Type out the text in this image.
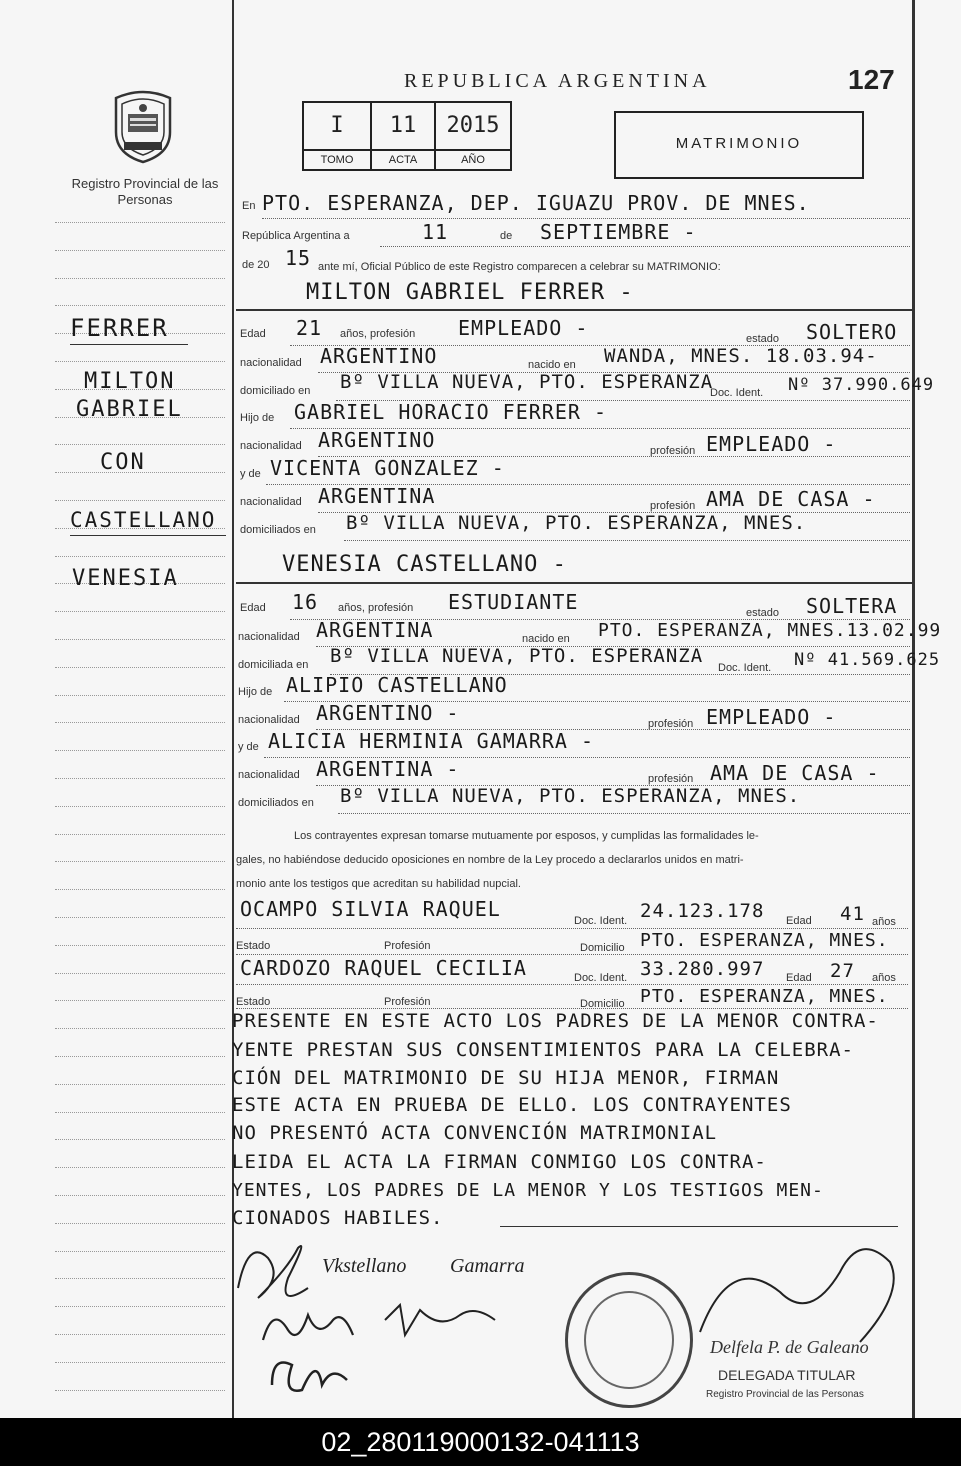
REPUBLICA ARGENTINA	127
Registro Provincial de las Personas
I	11	2015
TOMO	ACTA	AÑO
MATRIMONIO
FERRER
MILTON
GABRIEL
CON
CASTELLANO
VENESIA
En PTO. ESPERANZA, DEP. IGUAZU PROV. DE MNES.
República Argentina a	11	de SEPTIEMBRE -
de 20 15 ante mí, Oficial Público de este Registro comparecen a celebrar su MATRIMONIO:
MILTON GABRIEL FERRER -
Edad 21 años, profesión EMPLEADO -	estado SOLTERO
nacionalidad ARGENTINO	nacido en WANDA, MNES. 18.03.94-
domiciliado en Bº VILLA NUEVA, PTO. ESPERANZA
Doc. Ident. Nº 37.990.649
Hijo de GABRIEL HORACIO FERRER -
nacionalidad ARGENTINO	profesión EMPLEADO -
y de VICENTA GONZALEZ -
nacionalidad ARGENTINA	profesión AMA DE CASA -
domiciliados en Bº VILLA NUEVA, PTO. ESPERANZA, MNES.
VENESIA CASTELLANO -
Edad 16 años, profesión ESTUDIANTE	estado SOLTERA
nacionalidad ARGENTINA	nacido en PTO. ESPERANZA, MNES.13.02.99
domiciliada en Bº VILLA NUEVA, PTO. ESPERANZA
Doc. Ident. Nº 41.569.625
Hijo de ALIPIO CASTELLANO
nacionalidad ARGENTINO -	profesión EMPLEADO -
y de ALICIA HERMINIA GAMARRA -
nacionalidad ARGENTINA -	profesión AMA DE CASA -
domiciliados en Bº VILLA NUEVA, PTO. ESPERANZA, MNES.
Los contrayentes expresan tomarse mutuamente por esposos, y cumplidas las formalidades le-
gales, no habiéndose deducido oposiciones en nombre de la Ley procedo a declararlos unidos en matri-
monio ante los testigos que acreditan su habilidad nupcial.
OCAMPO SILVIA RAQUEL	Doc. Ident. 24.123.178 Edad 41 años
Estado	Profesión	Domicilio PTO. ESPERANZA, MNES.
CARDOZO RAQUEL CECILIA	Doc. Ident. 33.280.997 Edad 27 años
Estado	Profesión	Domicilio PTO. ESPERANZA, MNES.
PRESENTE EN ESTE ACTO LOS PADRES DE LA MENOR CONTRA-
YENTE PRESTAN SUS CONSENTIMIENTOS PARA LA CELEBRA-
CIÓN DEL MATRIMONIO DE SU HIJA MENOR, FIRMAN
ESTE ACTA EN PRUEBA DE ELLO. LOS CONTRAYENTES
NO PRESENTÓ ACTA CONVENCIÓN MATRIMONIAL
LEIDA EL ACTA LA FIRMAN CONMIGO LOS CONTRA-
YENTES, LOS PADRES DE LA MENOR Y LOS TESTIGOS MEN-
CIONADOS HABILES.
Vkstellano Gamarra
Delfela P. de Galeano
DELEGADA TITULAR
Registro Provincial de las Personas
02_280119000132-041113
